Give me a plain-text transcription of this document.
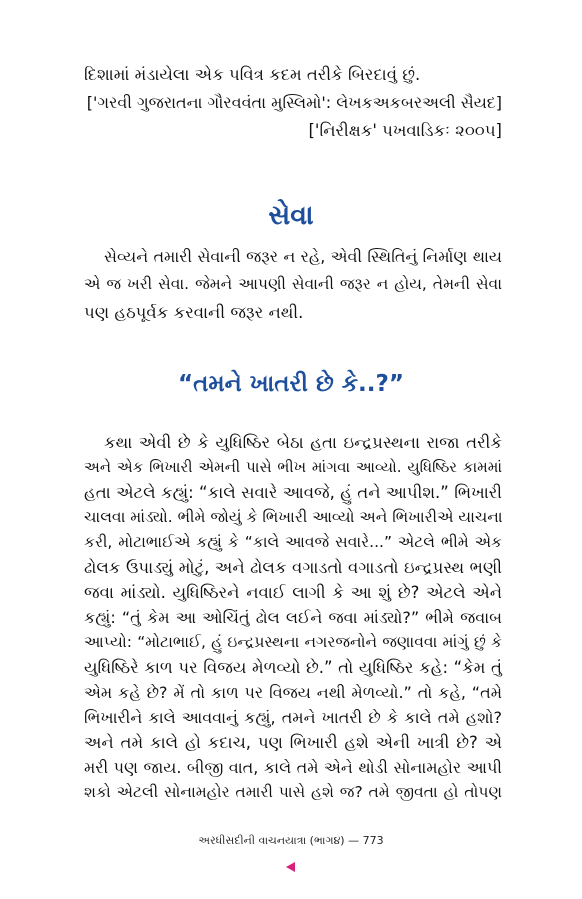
દિશામાં મંડાયેલા એક પવિત્ર કદમ તરીકે બિરદાવું છું.
['ગરવી ગુજરાતના ગૌરવવંતા મુસ્લિમો': લેખકઅકબરઅલી સૈયદ]
['નિરીક્ષક' પખવાડિકઃ ૨૦૦૫]
સેવા
સેવ્યને તમારી સેવાની જરૂર ન રહે, એવી સ્થિતિનું નિર્માણ થાય
એ જ ખરી સેવા. જેમને આપણી સેવાની જરૂર ન હોય, તેમની સેવા
પણ હઠપૂર્વક કરવાની જરૂર નથી.
“તમને ખાતરી છે કે..?”
કથા એવી છે કે યુધિષ્ઠિર બેઠા હતા ઇન્દ્રપ્રસ્થના રાજા તરીકે
અને એક ભિખારી એમની પાસે ભીખ માંગવા આવ્યો. યુધિષ્ઠિર કામમાં
હતા એટલે કહ્યું: “કાલે સવારે આવજે, હું તને આપીશ.” ભિખારી
ચાલવા માંડ્યો. ભીમે જોયું કે ભિખારી આવ્યો અને ભિખારીએ યાચના
કરી, મોટાભાઈએ કહ્યું કે “કાલે આવજે સવારે...” એટલે ભીમે એક
ઢોલક ઉપાડ્યું મોટું, અને ઢોલક વગાડતો વગાડતો ઇન્દ્રપ્રસ્થ ભણી
જવા માંડ્યો. યુધિષ્ઠિરને નવાઈ લાગી કે આ શું છે? એટલે એને
કહ્યું: “તું કેમ આ ઓચિંતું ઢોલ લઈને જવા માંડ્યો?” ભીમે જવાબ
આપ્યો: “મોટાભાઈ, હું ઇન્દ્રપ્રસ્થના નગરજનોને જણાવવા માંગું છું કે
યુધિષ્ઠિરે કાળ પર વિજય મેળવ્યો છે.” તો યુધિષ્ઠિર કહે: “કેમ તું
એમ કહે છે? મેં તો કાળ પર વિજય નથી મેળવ્યો.” તો કહે, “તમે
ભિખારીને કાલે આવવાનું કહ્યું, તમને ખાતરી છે કે કાલે તમે હશો?
અને તમે કાલે હો કદાચ, પણ ભિખારી હશે એની ખાત્રી છે? એ
મરી પણ જાય. બીજી વાત, કાલે તમે એને થોડી સોનામહોર આપી
શકો એટલી સોનામહોર તમારી પાસે હશે જ? તમે જીવતા હો તોપણ
અરધીસદીની વાચનયાત્રા (ભાગ૪) — 773
